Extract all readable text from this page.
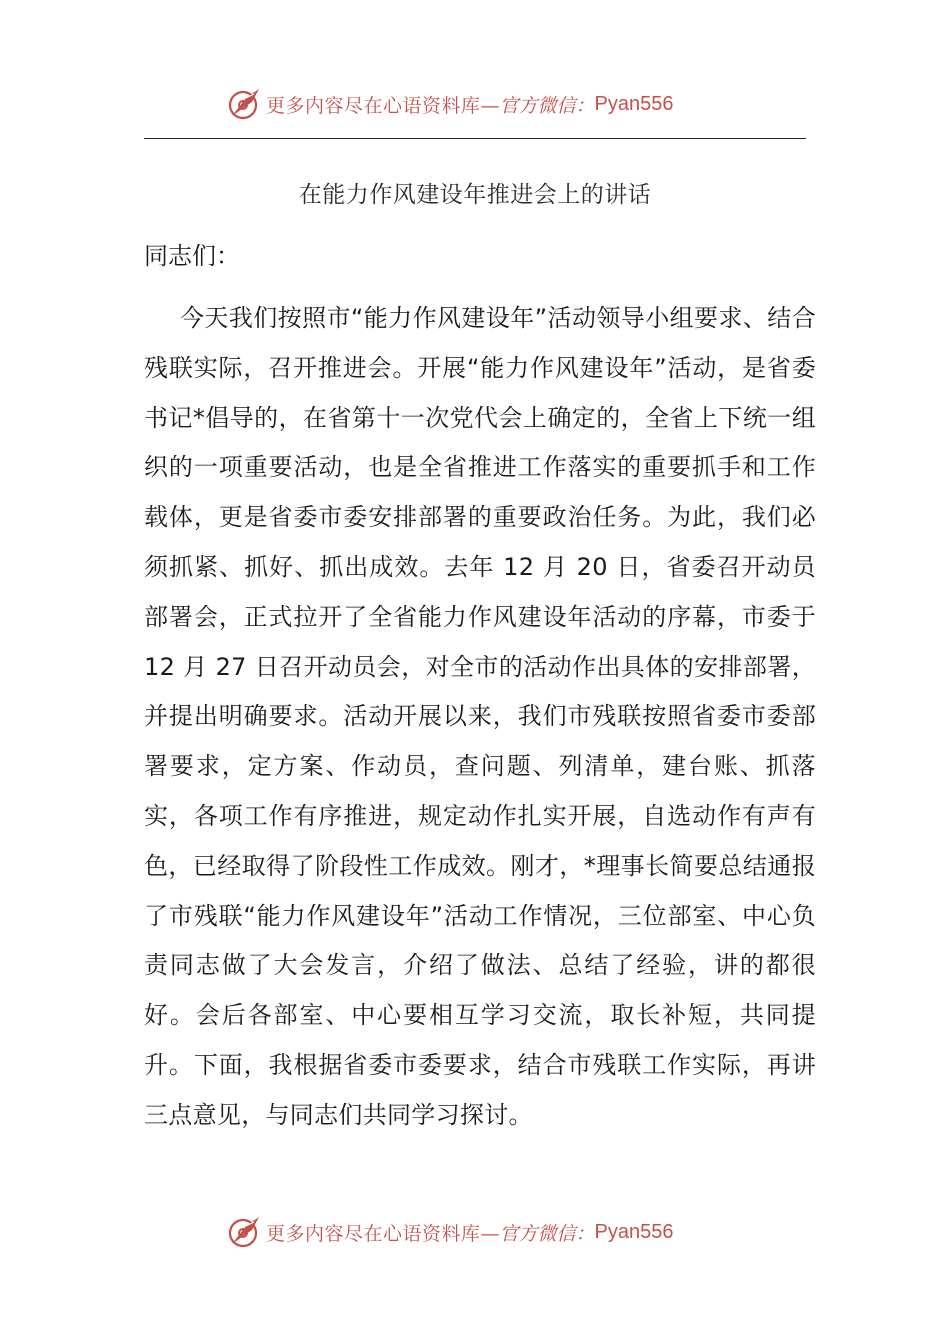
更多内容尽在心语资料库 —官方微信： Pyan556
在能力作风建设年推进会上的讲话
同志们：

今天我们按照市“能力作风建设年”活动领导小组要求、结合残联实际，召开推进会。开展“能力作风建设年”活动，是省委书记*倡导的，在省第十一次党代会上确定的，全省上下统一组织的一项重要活动，也是全省推进工作落实的重要抓手和工作载体，更是省委市委安排部署的重要政治任务。为此，我们必须抓紧、抓好、抓出成效。去年 12 月 20 日，省委召开动员部署会，正式拉开了全省能力作风建设年活动的序幕，市委于 12 月 27 日召开动员会，对全市的活动作出具体的安排部署，并提出明确要求。活动开展以来，我们市残联按照省委市委部署要求，定方案、作动员，查问题、列清单，建台账、抓落实，各项工作有序推进，规定动作扎实开展，自选动作有声有色，已经取得了阶段性工作成效。刚才，*理事长简要总结通报了市残联“能力作风建设年”活动工作情况，三位部室、中心负责同志做了大会发言，介绍了做法、总结了经验，讲的都很好。会后各部室、中心要相互学习交流，取长补短，共同提升。下面，我根据省委市委要求，结合市残联工作实际，再讲三点意见，与同志们共同学习探讨。

更多内容尽在心语资料库 —官方微信： Pyan556
